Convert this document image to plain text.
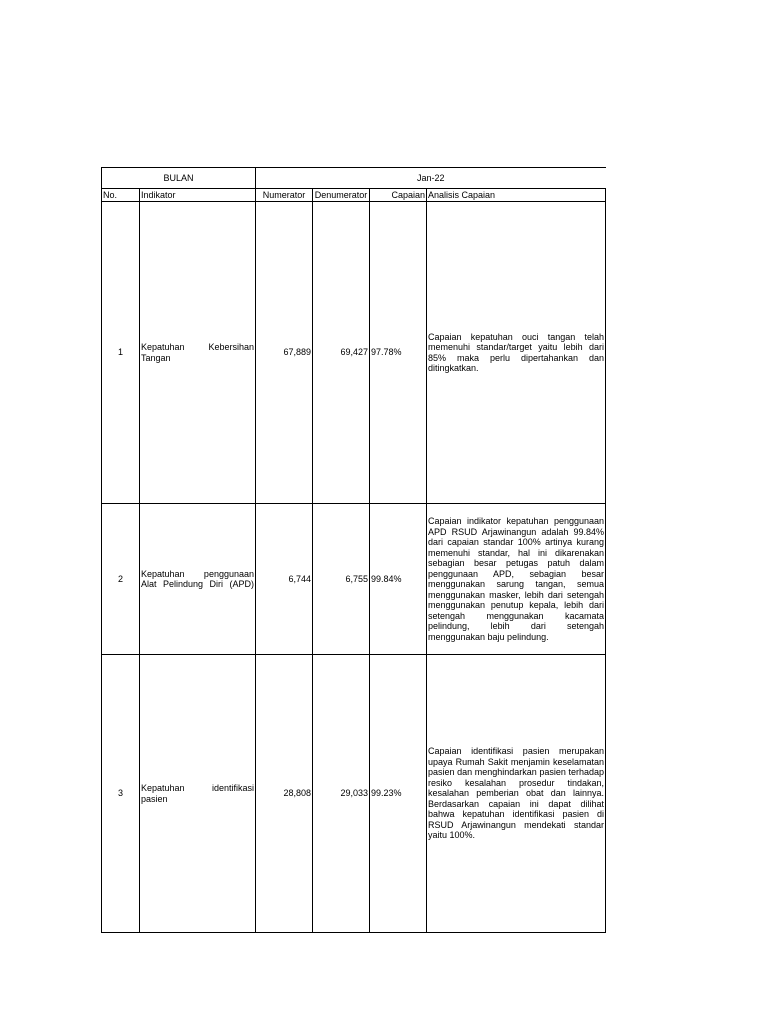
BULAN		Jan-22			
No.	Indikator	Numerator	Denumerator	Capaian	Analisis Capaian
1	Kepatuhan Kebersihan Tangan	67,889	69,427	97.78%	Capaian kepatuhan ouci tangan telah memenuhi standar/target yaitu lebih dari 85% maka perlu dipertahankan dan ditingkatkan.
2	Kepatuhan penggunaan Alat Pelindung Diri (APD)	6,744	6,755	99.84%	Capaian indikator kepatuhan penggunaan APD RSUD Arjawinangun adalah 99.84% dari capaian standar 100% artinya kurang memenuhi standar, hal ini dikarenakan sebagian besar petugas patuh dalam penggunaan APD, sebagian besar menggunakan sarung tangan, semua menggunakan masker, lebih dari setengah menggunakan penutup kepala, lebih dari setengah menggunakan kacamata pelindung, lebih dari setengah menggunakan baju pelindung.
3	Kepatuhan identifikasi pasien	28,808	29,033	99.23%	Capaian identifikasi pasien merupakan upaya Rumah Sakit menjamin keselamatan pasien dan menghindarkan pasien terhadap resiko kesalahan prosedur tindakan, kesalahan pemberian obat dan lainnya. Berdasarkan capaian ini dapat dilihat bahwa kepatuhan identifikasi pasien di RSUD Arjawinangun mendekati standar yaitu 100%.
